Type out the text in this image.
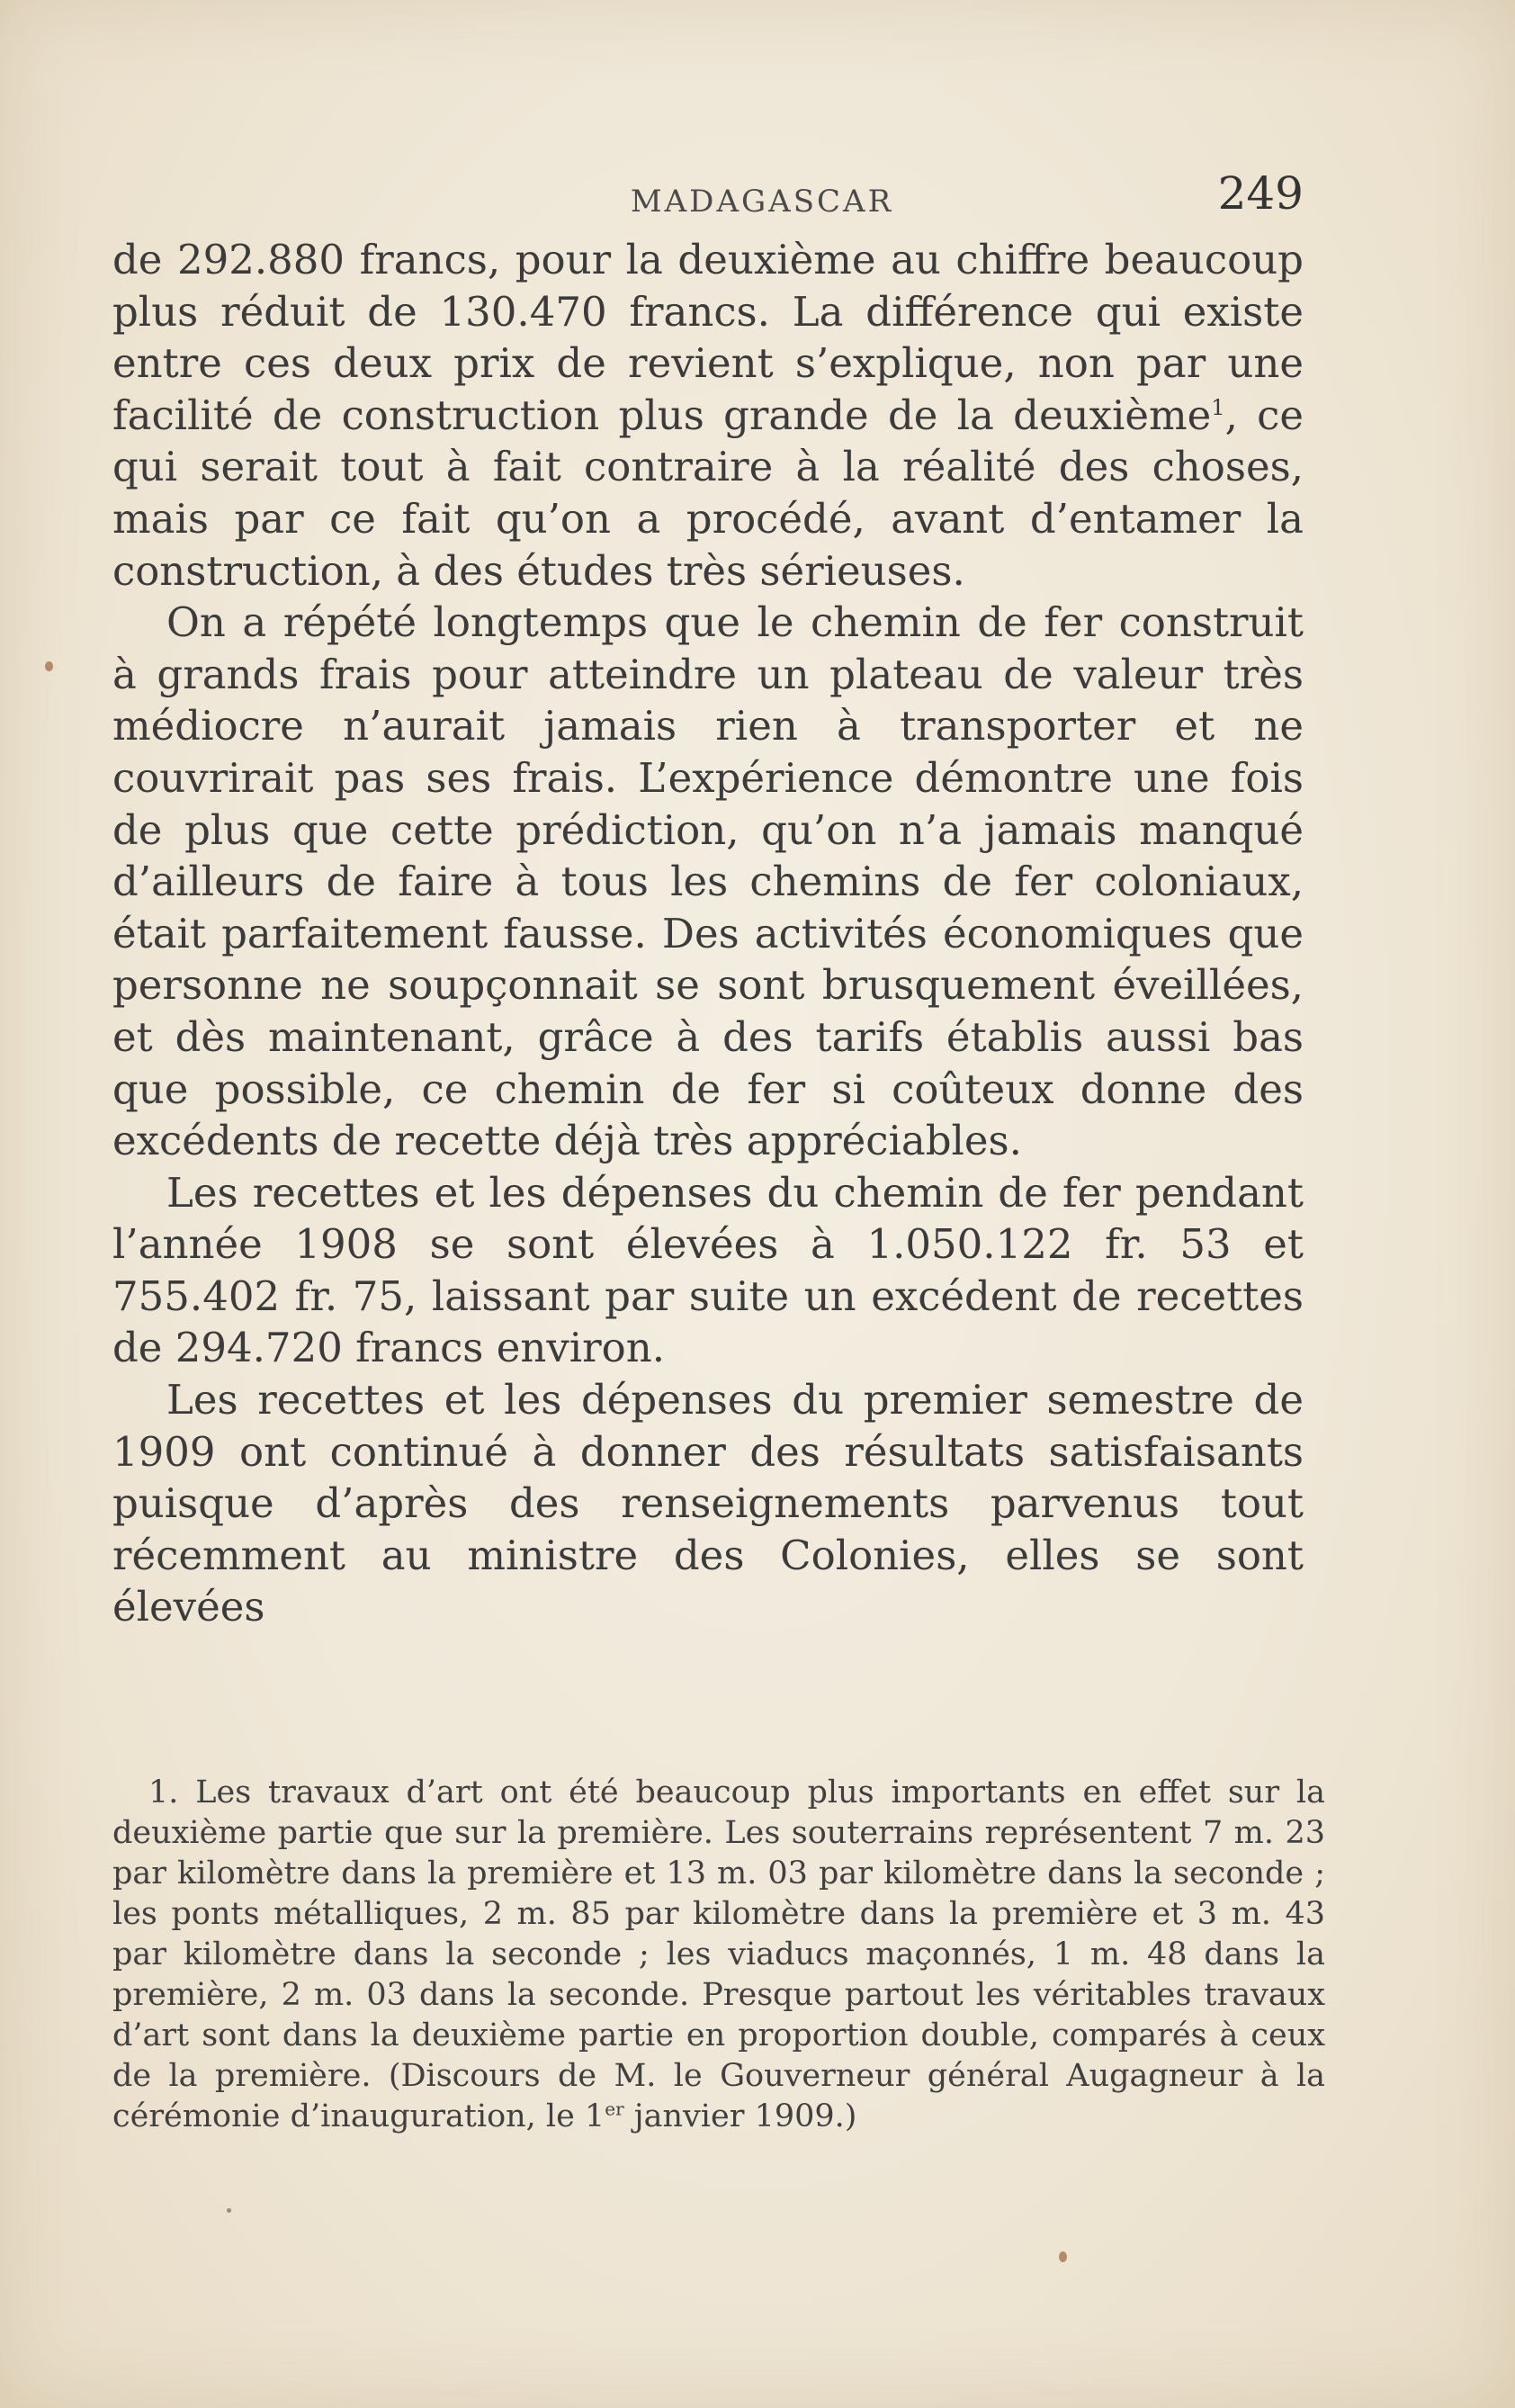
MADAGASCAR	249

de 292.880 francs, pour la deuxième au chiffre beaucoup plus réduit de 130.470 francs. La différence qui existe entre ces deux prix de revient s’explique, non par une facilité de construction plus grande de la deuxième$^1$, ce qui serait tout à fait contraire à la réalité des choses, mais par ce fait qu’on a procédé, avant d’entamer la construction, à des études très sérieuses.

On a répété longtemps que le chemin de fer construit à grands frais pour atteindre un plateau de valeur très médiocre n’aurait jamais rien à transporter et ne couvrirait pas ses frais. L’expérience démontre une fois de plus que cette prédiction, qu’on n’a jamais manqué d’ailleurs de faire à tous les chemins de fer coloniaux, était parfaitement fausse. Des activités économiques que personne ne soupçonnait se sont brusquement éveillées, et dès maintenant, grâce à des tarifs établis aussi bas que possible, ce chemin de fer si coûteux donne des excédents de recette déjà très appréciables.

Les recettes et les dépenses du chemin de fer pendant l’année 1908 se sont élevées à 1.050.122 fr. 53 et 755.402 fr. 75, laissant par suite un excédent de recettes de 294.720 francs environ.

Les recettes et les dépenses du premier semestre de 1909 ont continué à donner des résultats satisfaisants puisque d’après des renseignements parvenus tout récemment au ministre des Colonies, elles se sont élevées

1. Les travaux d’art ont été beaucoup plus importants en effet sur la deuxième partie que sur la première. Les souterrains représentent 7 m. 23 par kilomètre dans la première et 13 m. 03 par kilomètre dans la seconde ; les ponts métalliques, 2 m. 85 par kilomètre dans la première et 3 m. 43 par kilomètre dans la seconde ; les viaducs maçonnés, 1 m. 48 dans la première, 2 m. 03 dans la seconde. Presque partout les véritables travaux d’art sont dans la deuxième partie en proportion double, comparés à ceux de la première. (Discours de M. le Gouverneur général Augagneur à la cérémonie d’inauguration, le 1er janvier 1909.)
